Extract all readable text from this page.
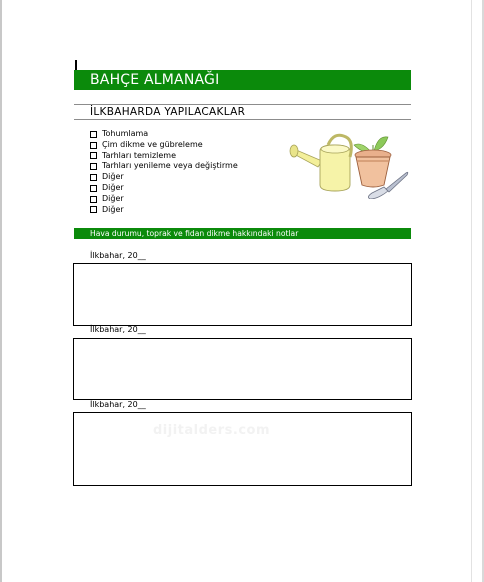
BAHÇE ALMANAĞI
İLKBAHARDA YAPILACAKLAR
Tohumlama
Çim dikme ve gübreleme
Tarhları temizleme
Tarhları yenileme veya değiştirme
Diğer
Diğer
Diğer
Diğer
Hava durumu, toprak ve fidan dikme hakkındaki notlar
İlkbahar, 20__
İlkbahar, 20__
İlkbahar, 20__
dijitalders.com
